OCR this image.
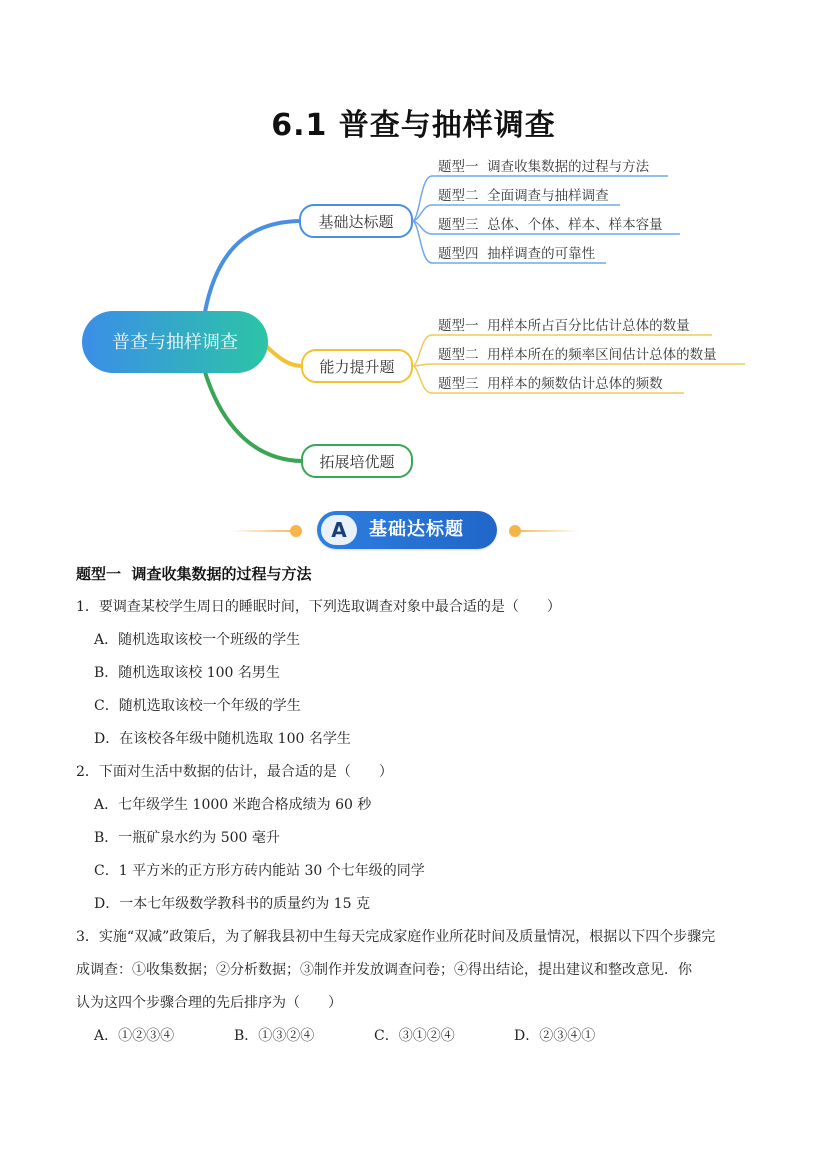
6.1 普查与抽样调查
普查与抽样调查
基础达标题
题型一  调查收集数据的过程与方法
题型二  全面调查与抽样调查
题型三  总体、个体、样本、样本容量
题型四  抽样调查的可靠性
能力提升题
题型一  用样本所占百分比估计总体的数量
题型二  用样本所在的频率区间估计总体的数量
题型三  用样本的频数估计总体的频数
拓展培优题
A	基础达标题
题型一  调查收集数据的过程与方法
1．要调查某校学生周日的睡眠时间，下列选取调查对象中最合适的是（　　）
A．随机选取该校一个班级的学生
B．随机选取该校 100 名男生
C．随机选取该校一个年级的学生
D．在该校各年级中随机选取 100 名学生
2．下面对生活中数据的估计，最合适的是（　　）
A．七年级学生 1000 米跑合格成绩为 60 秒
B．一瓶矿泉水约为 500 毫升
C．1 平方米的正方形方砖内能站 30 个七年级的同学
D．一本七年级数学教科书的质量约为 15 克
3．实施“双减”政策后，为了解我县初中生每天完成家庭作业所花时间及质量情况，根据以下四个步骤完
成调查：①收集数据；②分析数据；③制作并发放调查问卷；④得出结论，提出建议和整改意见．你
认为这四个步骤合理的先后排序为（　　）
A．①②③④	B．①③②④	C．③①②④	D．②③④①
